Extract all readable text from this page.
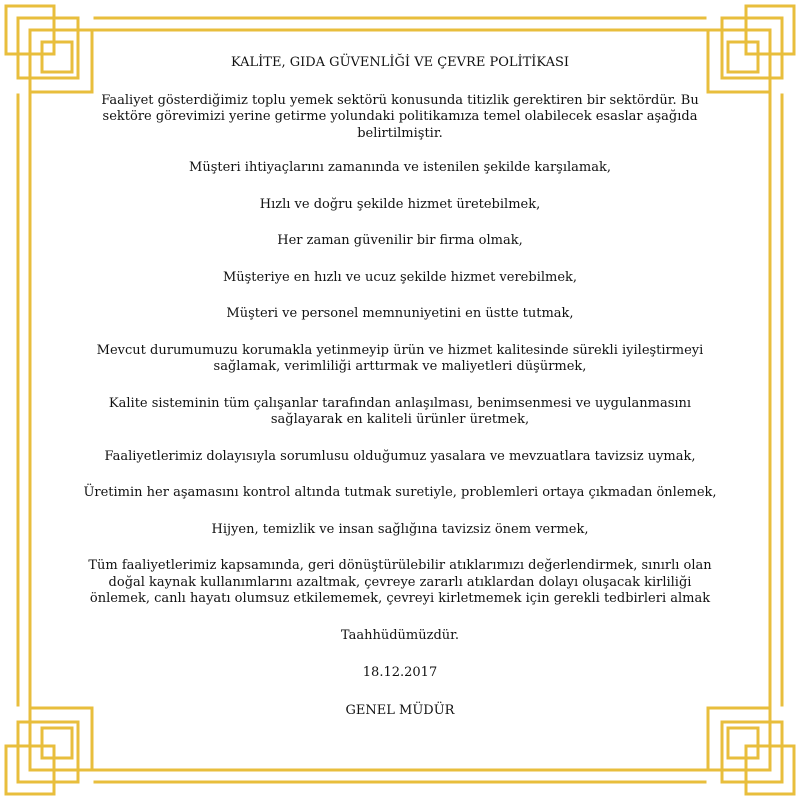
KALİTE, GIDA GÜVENLİĞİ VE ÇEVRE POLİTİKASI

Faaliyet gösterdiğimiz toplu yemek sektörü konusunda titizlik gerektiren bir sektördür. Bu sektöre görevimizi yerine getirme yolundaki politikamıza temel olabilecek esaslar aşağıda belirtilmiştir.

Müşteri ihtiyaçlarını zamanında ve istenilen şekilde karşılamak,

Hızlı ve doğru şekilde hizmet üretebilmek,

Her zaman güvenilir bir firma olmak,

Müşteriye en hızlı ve ucuz şekilde hizmet verebilmek,

Müşteri ve personel memnuniyetini en üstte tutmak,

Mevcut durumumuzu korumakla yetinmeyip ürün ve hizmet kalitesinde sürekli iyileştirmeyi sağlamak, verimliliği arttırmak ve maliyetleri düşürmek,

Kalite sisteminin tüm çalışanlar tarafından anlaşılması, benimsenmesi ve uygulanmasını sağlayarak en kaliteli ürünler üretmek,

Faaliyetlerimiz dolayısıyla sorumlusu olduğumuz yasalara ve mevzuatlara tavizsiz uymak,

Üretimin her aşamasını kontrol altında tutmak suretiyle, problemleri ortaya çıkmadan önlemek,

Hijyen, temizlik ve insan sağlığına tavizsiz önem vermek,

Tüm faaliyetlerimiz kapsamında, geri dönüştürülebilir atıklarımızı değerlendirmek, sınırlı olan doğal kaynak kullanımlarını azaltmak, çevreye zararlı atıklardan dolayı oluşacak kirliliği önlemek, canlı hayatı olumsuz etkilememek, çevreyi kirletmemek için gerekli tedbirleri almak

Taahhüdümüzdür.

18.12.2017

GENEL MÜDÜR
